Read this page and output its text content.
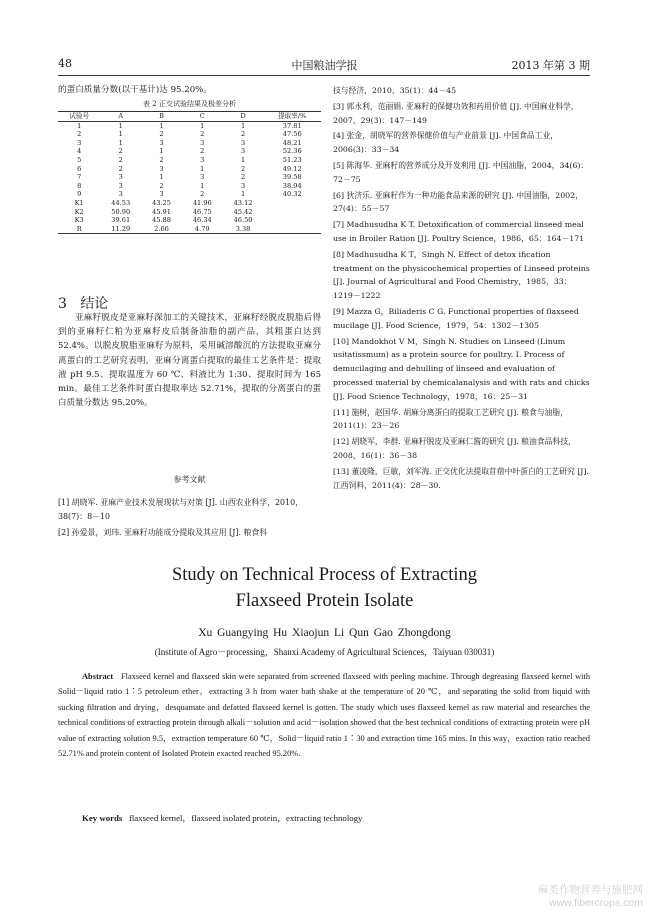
48	中国粮油学报	2013 年第 3 期
的蛋白质量分数(以干基计)达 95.20%。
表 2 正交试验结果及极差分析
试验号	A	B	C	D	提取率/%
1	1	1	1	1	37.81
2	1	2	2	2	47.56
3	1	3	3	3	48.21
4	2	1	2	3	52.36
5	2	2	3	1	51.23
6	2	3	1	2	49.12
7	3	1	3	2	39.58
8	3	2	1	3	38.94
9	3	3	2	1	40.32
K1	44.53	43.25	41.96	43.12	
K2	50.90	45.91	46.75	45.42	
K3	39.61	45.88	46.34	46.50	
R	11.29	2.66	4.79	3.38	
3 结论
亚麻籽脱皮是亚麻籽深加工的关键技术，亚麻籽经脱皮脱脂后得到的亚麻籽仁粕为亚麻籽皮后制备油脂的副产品，其粗蛋白达到 52.4%。以脱皮脱脂亚麻籽为原料，采用碱溶酸沉的方法提取亚麻分离蛋白的工艺研究表明，亚麻分离蛋白提取的最佳工艺条件是：提取液 pH 9.5、提取温度为 60 ℃、料液比为 1:30、提取时间为 165 min。最佳工艺条件时蛋白提取率达 52.71%，提取的分离蛋白的蛋白质量分数达 95.20%。
参考文献
[1] 胡晓军. 亚麻产业技术发展现状与对策 [J]. 山西农业科学，2010，38(7)：8－10
[2] 孙爱景，刘玮. 亚麻籽功能成分提取及其应用 [J]. 粮食科
技与经济，2010，35(1)：44－45
[3] 郭永利，范丽娟. 亚麻籽的保健功效和药用价值 [J]. 中国麻业科学，2007，29(3)：147－149
[4] 张金，胡晓军的营养保健价值与产业前景 [J]. 中国食品工业，2006(3)：33－34
[5] 陈海华. 亚麻籽的营养成分及开发利用 [J]. 中国油脂，2004，34(6)：72－75
[6] 狄济乐. 亚麻籽作为一种功能食品来源的研究 [J]. 中国油脂，2002，27(4)：55－57
[7] Madhusudha K T. Detoxification of commercial linseed meal use in Broiler Ration [J]. Poultry Science，1986，65：164－171
[8] Madhusudha K T，Singh N. Effect of detox ification treatment on the physicochemical properties of Linseed proteins [J]. Journal of Agricultural and Food Chemistry，1985，33：1219－1222
[9] Mazza G，Biliaderis C G. Functional properties of flaxseed mucilage [J]. Food Science，1979，54：1302－1305
[10] Mandokhot V M，Singh N. Studies on Linseed (Linum usitatissmum) as a protein source for poultry. I. Process of demucilaging and dehulling of linseed and evaluation of processed material by chemicalanalysis and with rats and chicks [J]. Food Science Technology，1978，16：25－31
[11] 施树，赵国华. 胡麻分离蛋白的提取工艺研究 [J]. 粮食与油脂，2011(1)：23－26
[12] 胡晓军，李群. 亚麻籽脱皮及亚麻仁酱的研究 [J]. 粮油食品科技，2008，16(1)：36－38
[13] 董凌隆，巨敏，刘军海. 正交优化法提取苜蓿中叶蛋白的工艺研究 [J]. 江西饲料，2011(4)：28－30.
Study on Technical Process of Extracting
Flaxseed Protein Isolate
Xu Guangying Hu Xiaojun Li Qun Gao Zhongdong
(Institute of Agro－processing，Shanxi Academy of Agricultural Sciences，Taiyuan 030031)
Abstract Flaxseed kernel and flaxseed skin were separated from screened flaxseed with peeling machine. Through degreasing flaxseed kernel with Solid－liquid ratio 1∶5 petroleum ether，extracting 3 h from water bath shake at the temperature of 20 ℃，and separating the solid from liquid with sucking filtration and drying，desquamate and defatted flaxseed kernel is gotten. The study which uses flaxseed kernel as raw material and researches the technical conditions of extracting protein through alkali－solution and acid－isolation showed that the best technical conditions of extracting protein were pH value of extracting solution 9.5，extraction temperature 60 ℃，Solid－liquid ratio 1∶30 and extraction time 165 mins. In this way，exaction ratio reached 52.71% and protein content of Isolated Protein exacted reached 95.20%.
Key words flaxseed kernel，flaxseed isolated protein，extracting technology
麻类作物营养与施肥网
www.fibercrops.com
